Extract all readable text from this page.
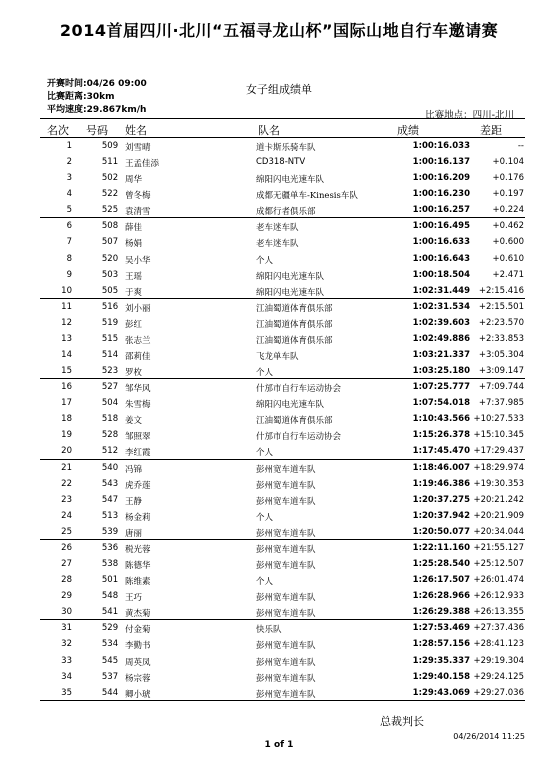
2014首届四川·北川“五福寻龙山杯”国际山地自行车邀请赛
开赛时间:04/26 09:00
比赛距离:30km
平均速度:29.867km/h
女子组成绩单
比赛地点：四川-北川
名次 号码 姓名	队名	成绩	差距
1	509 刘雪晴	道卡斯乐骑车队	1:00:16.033	--
2	511 王孟佳添	CD318-NTV	1:00:16.137	+0.104
3	502 周华	绵阳闪电光速车队	1:00:16.209	+0.176
4	522 曾冬梅	成都无疆单车-Kinesis车队	1:00:16.230	+0.197
5	525 袁清雪	成都行者俱乐部	1:00:16.257	+0.224
6	508 薛佳	老车迷车队	1:00:16.495	+0.462
7	507 杨娟	老车迷车队	1:00:16.633	+0.600
8	520 吴小华	个人	1:00:16.643	+0.610
9	503 王瑶	绵阳闪电光速车队	1:00:18.504	+2.471
10	505 于爽	绵阳闪电光速车队	1:02:31.449	+2:15.416
11	516 刘小丽	江油蜀道体育俱乐部	1:02:31.534	+2:15.501
12	519 彭红	江油蜀道体育俱乐部	1:02:39.603	+2:23.570
13	515 张志兰	江油蜀道体育俱乐部	1:02:49.886	+2:33.853
14	514 邵莉佳	飞龙单车队	1:03:21.337	+3:05.304
15	523 罗枚	个人	1:03:25.180	+3:09.147
16	527 邹华风	什邡市自行车运动协会	1:07:25.777	+7:09.744
17	504 朱雪梅	绵阳闪电光速车队	1:07:54.018	+7:37.985
18	518 姜文	江油蜀道体育俱乐部	1:10:43.566 +10:27.533
19	528 邹照翠	什邡市自行车运动协会	1:15:26.378 +15:10.345
20	512 李红霞	个人	1:17:45.470 +17:29.437
21	540 冯锦	彭州宽车道车队	1:18:46.007 +18:29.974
22	543 虎乔莲	彭州宽车道车队	1:19:46.386 +19:30.353
23	547 王静	彭州宽车道车队	1:20:37.275 +20:21.242
24	513 杨金莉	个人	1:20:37.942 +20:21.909
25	539 唐丽	彭州宽车道车队	1:20:50.077 +20:34.044
26	536 税光蓉	彭州宽车道车队	1:22:11.160 +21:55.127
27	538 陈德华	彭州宽车道车队	1:25:28.540 +25:12.507
28	501 陈维素	个人	1:26:17.507 +26:01.474
29	548 王巧	彭州宽车道车队	1:26:28.966 +26:12.933
30	541 黄杰菊	彭州宽车道车队	1:26:29.388 +26:13.355
31	529 付金菊	快乐队	1:27:53.469 +27:37.436
32	534 李勤书	彭州宽车道车队	1:28:57.156 +28:41.123
33	545 周英凤	彭州宽车道车队	1:29:35.337 +29:19.304
34	537 杨宗蓉	彭州宽车道车队	1:29:40.158 +29:24.125
35	544 卿小琥	彭州宽车道车队	1:29:43.069 +29:27.036
总裁判长
04/26/2014 11:25
1 of 1
